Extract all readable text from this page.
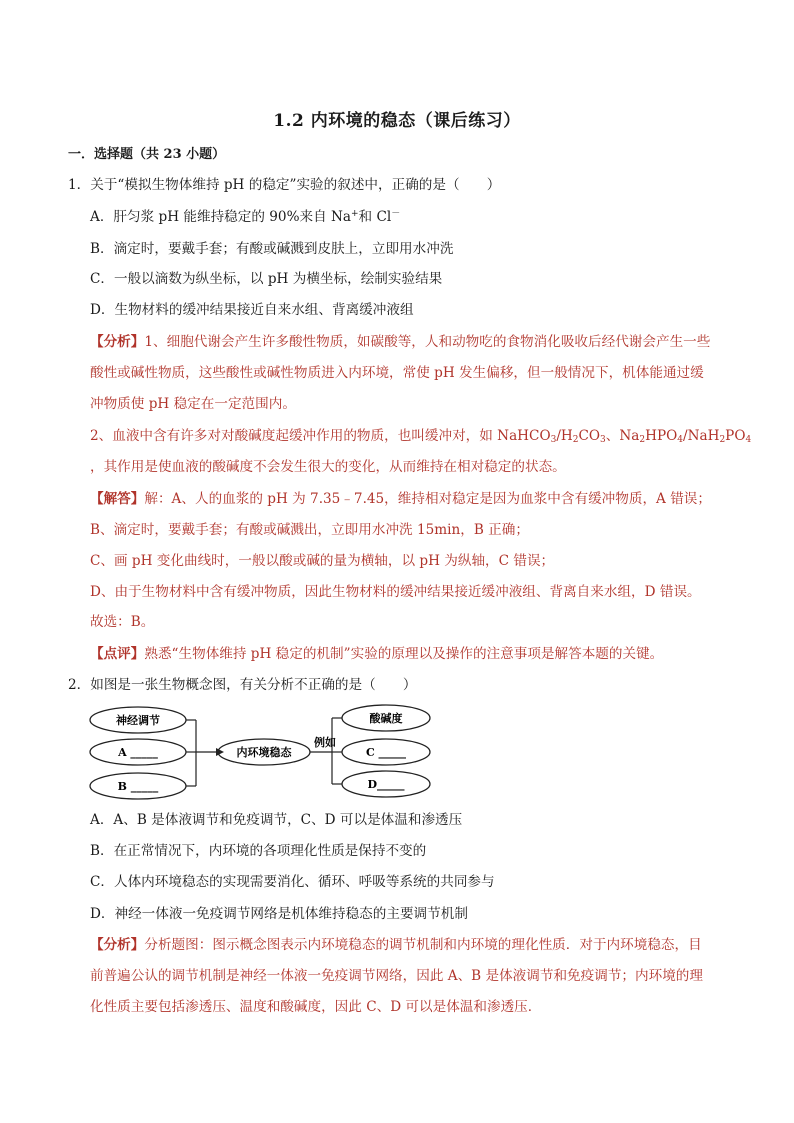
1.2 内环境的稳态（课后练习）
一．选择题（共 23 小题）
1．关于“模拟生物体维持 pH 的稳定”实验的叙述中，正确的是（　　）
A．肝匀浆 pH 能维持稳定的 90%来自 Na+和 Cl－
B．滴定时，要戴手套；有酸或碱溅到皮肤上，立即用水冲洗
C．一般以滴数为纵坐标，以 pH 为横坐标，绘制实验结果
D．生物材料的缓冲结果接近自来水组、背离缓冲液组
【分析】1、细胞代谢会产生许多酸性物质，如碳酸等，人和动物吃的食物消化吸收后经代谢会产生一些
酸性或碱性物质，这些酸性或碱性物质进入内环境，常使 pH 发生偏移，但一般情况下，机体能通过缓
冲物质使 pH 稳定在一定范围内。
2、血液中含有许多对对酸碱度起缓冲作用的物质，也叫缓冲对，如 $NaHCO_3/H_2CO_3$、$Na_2HPO_4/NaH_2PO_4$
，其作用是使血液的酸碱度不会发生很大的变化，从而维持在相对稳定的状态。
【解答】解：A、人的血浆的 pH 为 7.35﹣7.45，维持相对稳定是因为血浆中含有缓冲物质，A 错误；
B、滴定时，要戴手套；有酸或碱溅出，立即用水冲洗 15min，B 正确；
C、画 pH 变化曲线时，一般以酸或碱的量为横轴，以 pH 为纵轴，C 错误；
D、由于生物材料中含有缓冲物质，因此生物材料的缓冲结果接近缓冲液组、背离自来水组，D 错误。
故选：B。
【点评】熟悉“生物体维持 pH 稳定的机制”实验的原理以及操作的注意事项是解答本题的关键。
2．如图是一张生物概念图，有关分析不正确的是（　　）
神经调节
A _____
B _____
内环境稳态
例如
酸碱度
C _____
D_____
A．A、B 是体液调节和免疫调节，C、D 可以是体温和渗透压
B．在正常情况下，内环境的各项理化性质是保持不变的
C．人体内环境稳态的实现需要消化、循环、呼吸等系统的共同参与
D．神经一体液一免疫调节网络是机体维持稳态的主要调节机制
【分析】分析题图：图示概念图表示内环境稳态的调节机制和内环境的理化性质．对于内环境稳态，目
前普遍公认的调节机制是神经一体液一免疫调节网络，因此 A、B 是体液调节和免疫调节；内环境的理
化性质主要包括渗透压、温度和酸碱度，因此 C、D 可以是体温和渗透压．
